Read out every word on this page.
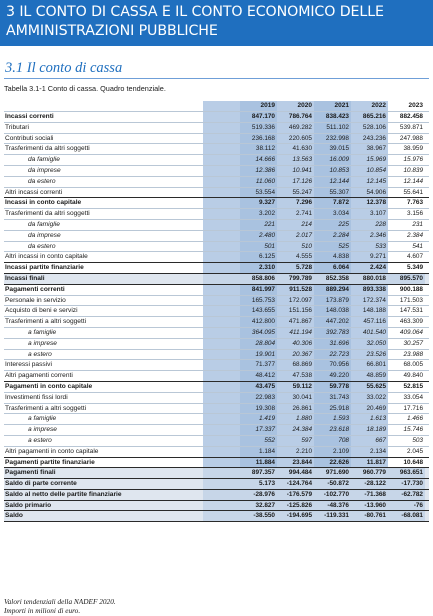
3 IL CONTO DI CASSA E IL CONTO ECONOMICO DELLE AMMINISTRAZIONI PUBBLICHE
3.1 Il conto di cassa
Tabella 3.1-1 Conto di cassa. Quadro tendenziale.
2019	2020	2021	2022	2023
Incassi correnti	847.170	786.764	838.423	865.216	882.458
Tributari	519.336	469.282	511.102	528.106	539.871
Contributi sociali	236.168	220.605	232.998	243.236	247.988
Trasferimenti da altri soggetti	38.112	41.630	39.015	38.967	38.959
da famiglie	14.666	13.563	16.009	15.969	15.976
da imprese	12.386	10.941	10.853	10.854	10.839
da estero	11.060	17.126	12.144	12.145	12.144
Altri incassi correnti	53.554	55.247	55.307	54.906	55.641
Incassi in conto capitale	9.327	7.296	7.872	12.378	7.763
Trasferimenti da altri soggetti	3.202	2.741	3.034	3.107	3.156
da famiglie	221	214	225	228	231
da imprese	2.480	2.017	2.284	2.346	2.384
da estero	501	510	525	533	541
Altri incassi in conto capitale	6.125	4.555	4.838	9.271	4.607
Incassi partite finanziarie	2.310	5.728	6.064	2.424	5.349
Incassi finali	858.806	799.789	852.358	880.018	895.570
Pagamenti correnti	841.997	911.528	889.294	893.338	900.188
Personale in servizio	165.753	172.097	173.879	172.374	171.503
Acquisto di beni e servizi	143.655	151.156	148.038	148.188	147.531
Trasferimenti a altri soggetti	412.800	471.867	447.202	457.116	463.309
a famiglie	364.095	411.194	392.783	401.540	409.064
a imprese	28.804	40.306	31.696	32.050	30.257
a estero	19.901	20.367	22.723	23.526	23.988
Interessi passivi	71.377	68.869	70.956	66.801	68.005
Altri pagamenti correnti	48.412	47.538	49.220	48.859	49.840
Pagamenti in conto capitale	43.475	59.112	59.778	55.625	52.815
Investimenti fissi lordi	22.983	30.041	31.743	33.022	33.054
Trasferimenti a altri soggetti	19.308	26.861	25.918	20.469	17.716
a famiglie	1.419	1.880	1.593	1.613	1.466
a imprese	17.337	24.384	23.618	18.189	15.746
a estero	552	597	708	667	503
Altri pagamenti in conto capitale	1.184	2.210	2.109	2.134	2.045
Pagamenti partite finanziarie	11.884	23.844	22.626	11.817	10.648
Pagamenti finali	897.357	994.484	971.690	960.779	963.651
Saldo di parte corrente	5.173	-124.764	-50.872	-28.122	-17.730
Saldo al netto delle partite finanziarie	-28.976	-176.579	-102.770	-71.368	-62.782
Saldo primario	32.827	-125.826	-48.376	-13.960	-76
Saldo	-38.550	-194.695	-119.331	-80.761	-68.081
Valori tendenziali della NADEF 2020.
Importi in milioni di euro.
